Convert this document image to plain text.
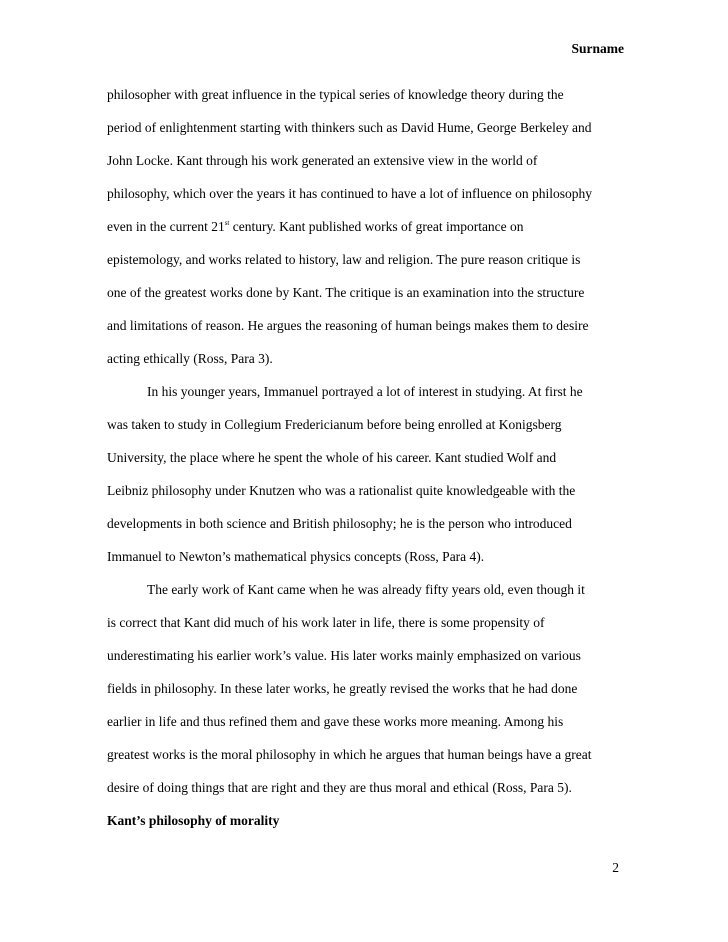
Surname
philosopher with great influence in the typical series of knowledge theory during the
period of enlightenment starting with thinkers such as David Hume, George Berkeley and
John Locke. Kant through his work generated an extensive view in the world of
philosophy, which over the years it has continued to have a lot of influence on philosophy
even in the current 21st century. Kant published works of great importance on
epistemology, and works related to history, law and religion. The pure reason critique is
one of the greatest works done by Kant. The critique is an examination into the structure
and limitations of reason. He argues the reasoning of human beings makes them to desire
acting ethically (Ross, Para 3).
In his younger years, Immanuel portrayed a lot of interest in studying. At first he
was taken to study in Collegium Fredericianum before being enrolled at Konigsberg
University, the place where he spent the whole of his career. Kant studied Wolf and
Leibniz philosophy under Knutzen who was a rationalist quite knowledgeable with the
developments in both science and British philosophy; he is the person who introduced
Immanuel to Newton’s mathematical physics concepts (Ross, Para 4).
The early work of Kant came when he was already fifty years old, even though it
is correct that Kant did much of his work later in life, there is some propensity of
underestimating his earlier work’s value. His later works mainly emphasized on various
fields in philosophy. In these later works, he greatly revised the works that he had done
earlier in life and thus refined them and gave these works more meaning. Among his
greatest works is the moral philosophy in which he argues that human beings have a great
desire of doing things that are right and they are thus moral and ethical (Ross, Para 5).
Kant’s philosophy of morality
2
